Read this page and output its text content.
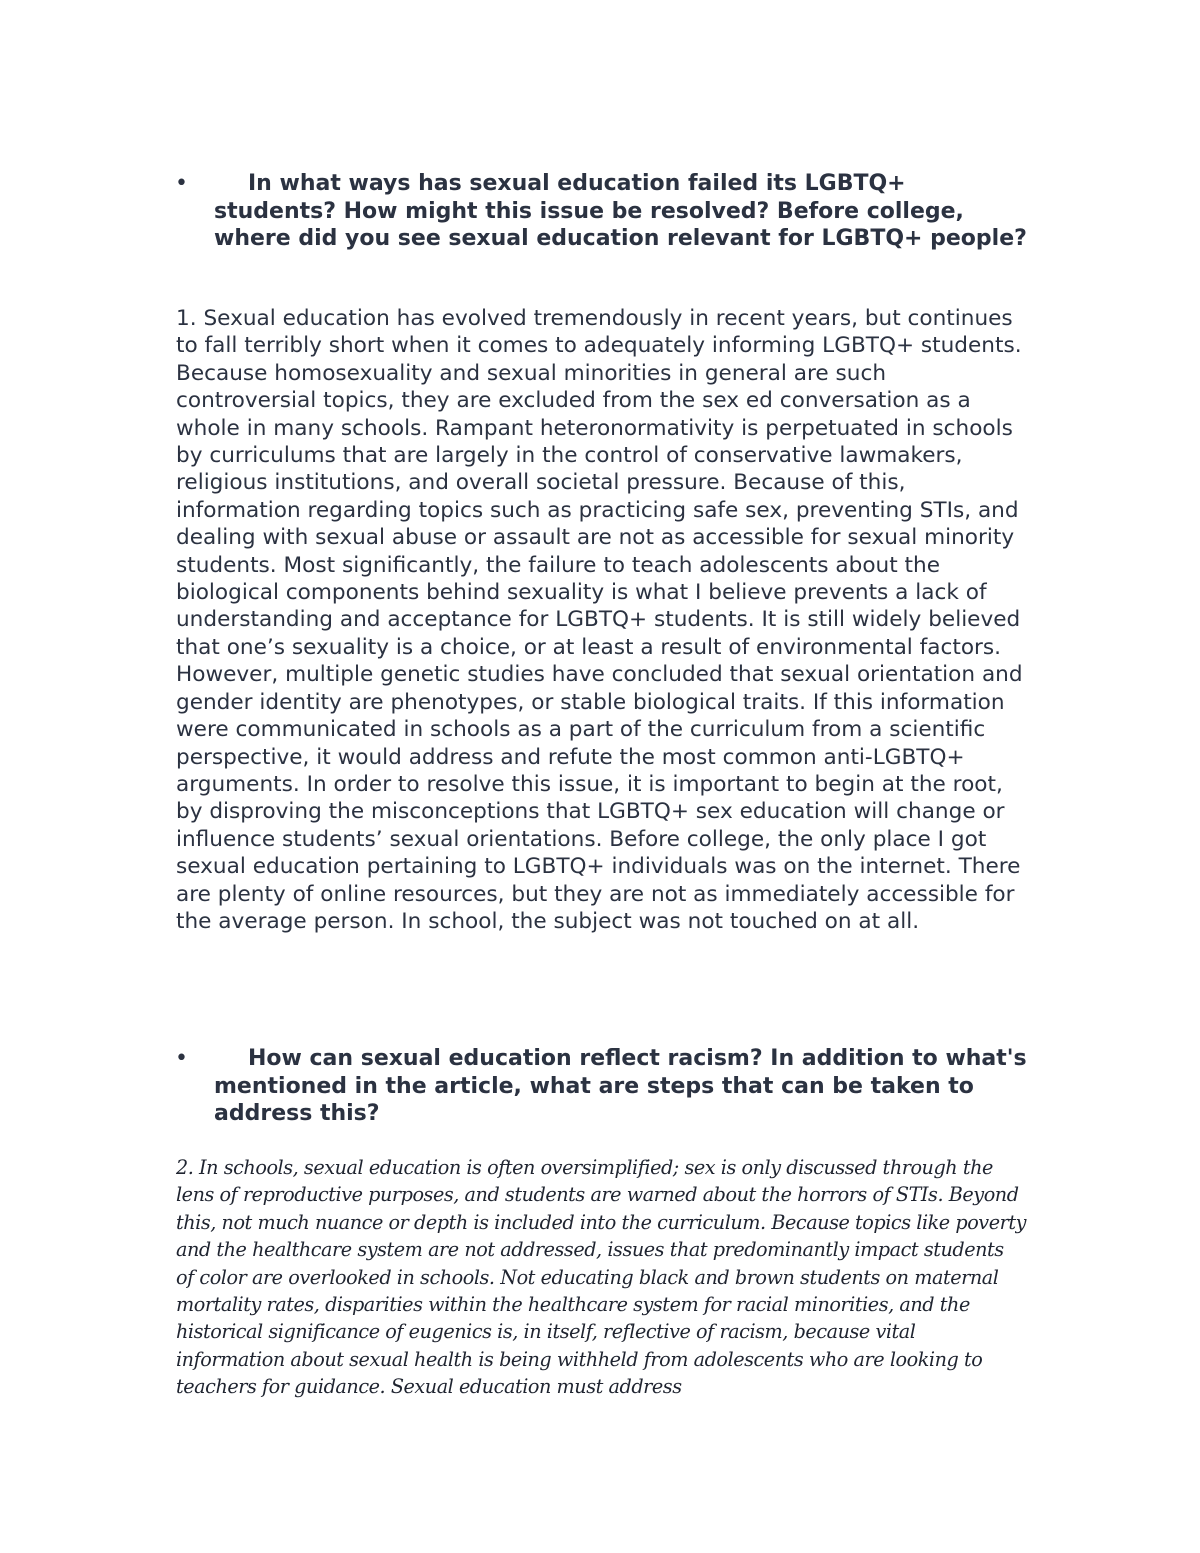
•	In what ways has sexual education failed its LGBTQ+ students? How might this issue be resolved? Before college, where did you see sexual education relevant for LGBTQ+ people?

1. Sexual education has evolved tremendously in recent years, but continues to fall terribly short when it comes to adequately informing LGBTQ+ students. Because homosexuality and sexual minorities in general are such controversial topics, they are excluded from the sex ed conversation as a whole in many schools. Rampant heteronormativity is perpetuated in schools by curriculums that are largely in the control of conservative lawmakers, religious institutions, and overall societal pressure. Because of this, information regarding topics such as practicing safe sex, preventing STIs, and dealing with sexual abuse or assault are not as accessible for sexual minority students. Most significantly, the failure to teach adolescents about the biological components behind sexuality is what I believe prevents a lack of understanding and acceptance for LGBTQ+ students. It is still widely believed that one’s sexuality is a choice, or at least a result of environmental factors. However, multiple genetic studies have concluded that sexual orientation and gender identity are phenotypes, or stable biological traits. If this information were communicated in schools as a part of the curriculum from a scientific perspective, it would address and refute the most common anti-LGBTQ+ arguments. In order to resolve this issue, it is important to begin at the root, by disproving the misconceptions that LGBTQ+ sex education will change or influence students’ sexual orientations. Before college, the only place I got sexual education pertaining to LGBTQ+ individuals was on the internet. There are plenty of online resources, but they are not as immediately accessible for the average person. In school, the subject was not touched on at all.

•	How can sexual education reflect racism? In addition to what's mentioned in the article, what are steps that can be taken to address this?

2. In schools, sexual education is often oversimplified; sex is only discussed through the lens of reproductive purposes, and students are warned about the horrors of STIs. Beyond this, not much nuance or depth is included into the curriculum. Because topics like poverty and the healthcare system are not addressed, issues that predominantly impact students of color are overlooked in schools. Not educating black and brown students on maternal mortality rates, disparities within the healthcare system for racial minorities, and the historical significance of eugenics is, in itself, reflective of racism, because vital information about sexual health is being withheld from adolescents who are looking to teachers for guidance. Sexual education must address
